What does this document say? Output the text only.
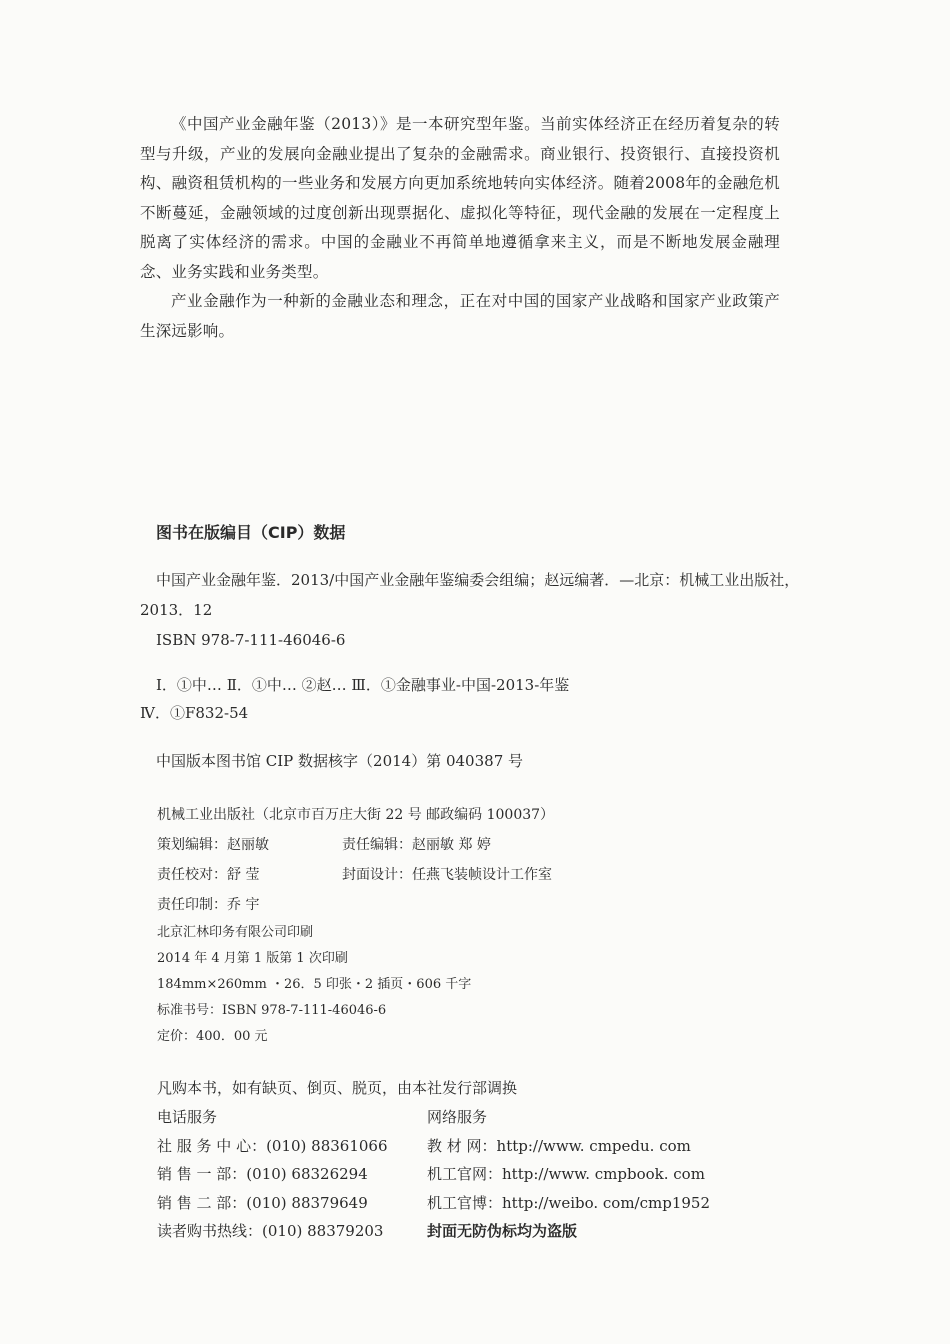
《中国产业金融年鉴（2013）》是一本研究型年鉴。当前实体经济正在经历着复杂的转型与升级，产业的发展向金融业提出了复杂的金融需求。商业银行、投资银行、直接投资机构、融资租赁机构的一些业务和发展方向更加系统地转向实体经济。随着2008年的金融危机不断蔓延，金融领域的过度创新出现票据化、虚拟化等特征，现代金融的发展在一定程度上脱离了实体经济的需求。中国的金融业不再简单地遵循拿来主义，而是不断地发展金融理念、业务实践和业务类型。

产业金融作为一种新的金融业态和理念，正在对中国的国家产业战略和国家产业政策产生深远影响。

图书在版编目（CIP）数据

中国产业金融年鉴．2013/中国产业金融年鉴编委会组编；赵远编著．—北京：机械工业出版社，2013．12

ISBN 978-7-111-46046-6

Ⅰ．①中… Ⅱ．①中… ②赵… Ⅲ．①金融事业-中国-2013-年鉴

Ⅳ．①F832-54

中国版本图书馆 CIP 数据核字（2014）第 040387 号

机械工业出版社（北京市百万庄大街 22 号 邮政编码 100037）
策划编辑：赵丽敏	责任编辑：赵丽敏 郑 婷
责任校对：舒 莹	封面设计：任燕飞装帧设计工作室
责任印制：乔 宇
北京汇林印务有限公司印刷
2014 年 4 月第 1 版第 1 次印刷
184mm×260mm ・26．5 印张・2 插页・606 千字
标准书号：ISBN 978-7-111-46046-6
定价：400．00 元

凡购本书，如有缺页、倒页、脱页，由本社发行部调换

电话服务	网络服务
社 服 务 中 心：(010) 88361066	教 材 网：http://www. cmpedu. com
销 售 一 部：(010) 68326294	机工官网：http://www. cmpbook. com
销 售 二 部：(010) 88379649	机工官博：http://weibo. com/cmp1952
读者购书热线：(010) 88379203	封面无防伪标均为盗版
